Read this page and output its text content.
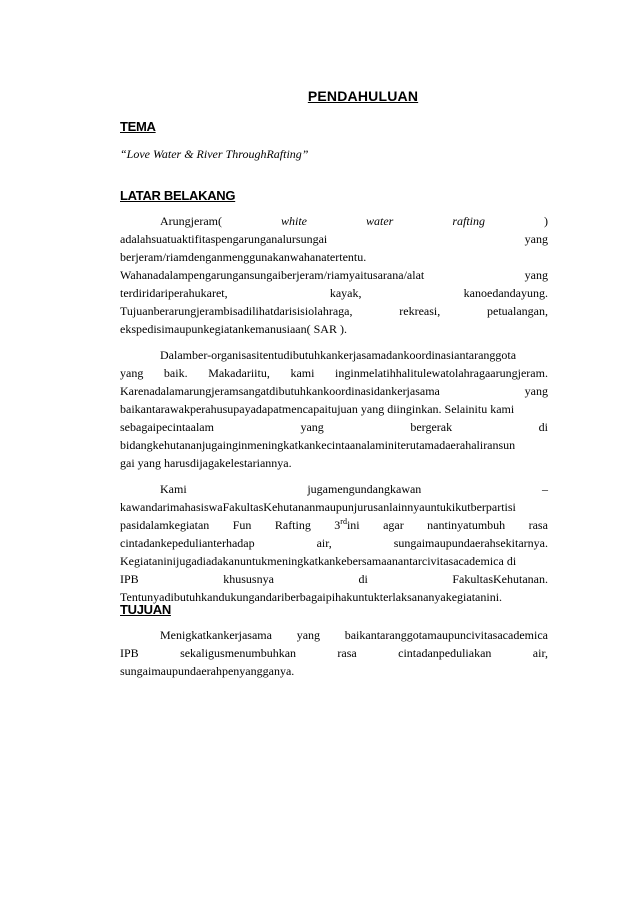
PENDAHULUAN
TEMA
“Love Water & River ThroughRafting”
LATAR BELAKANG
Arungjeram(	white	water	rafting	)
adalahsuatuaktifitaspengarunganalursungai	yang
berjeram/riamdenganmenggunakanwahanatertentu.
Wahanadalampengarungansungaiberjeram/riamyaitusarana/alat	yang
terdiridariperahukaret,	kayak,	kanoedandayung.
Tujuanberarungjerambisadilihatdarisisiolahraga,	rekreasi,	petualangan,
ekspedisimaupunkegiatankemanusiaan( SAR ).
Dalamber-organisasitentudibutuhkankerjasamadankoordinasiantaranggota
yang baik. Makadariitu, kami inginmelatihhalitulewatolahragaarungjeram.
Karenadalamarungjeramsangatdibutuhkankoordinasidankerjasama	yang
baikantarawakperahusupayadapatmencapaitujuan yang diinginkan. Selainitu kami
sebagaipecintaalam	yang	bergerak	di
bidangkehutananjugainginmeningkatkankecintaanalaminiterutamadaerahaliransun
gai yang harusdijagakelestariannya.
Kami	jugamengundangkawan	–
kawandarimahasiswaFakultasKehutananmaupunjurusanlainnyauntukikutberpartisi
pasidalamkegiatan Fun Rafting 3rdini agar nantinyatumbuh rasa
cintadankepedulianterhadap	air,	sungaimaupundaerahsekitarnya.
Kegiataninijugadiadakanuntukmeningkatkankebersamaanantarcivitasacademica di
IPB	khususnya	di	FakultasKehutanan.
Tentunyadibutuhkandukungandariberbagaipihakuntukterlaksananyakegiatanini.
TUJUAN
Menigkatkankerjasama yang baikantaranggotamaupuncivitasacademica
IPB	sekaligusmenumbuhkan	rasa	cintadanpeduliakan	air,
sungaimaupundaerahpenyangganya.
